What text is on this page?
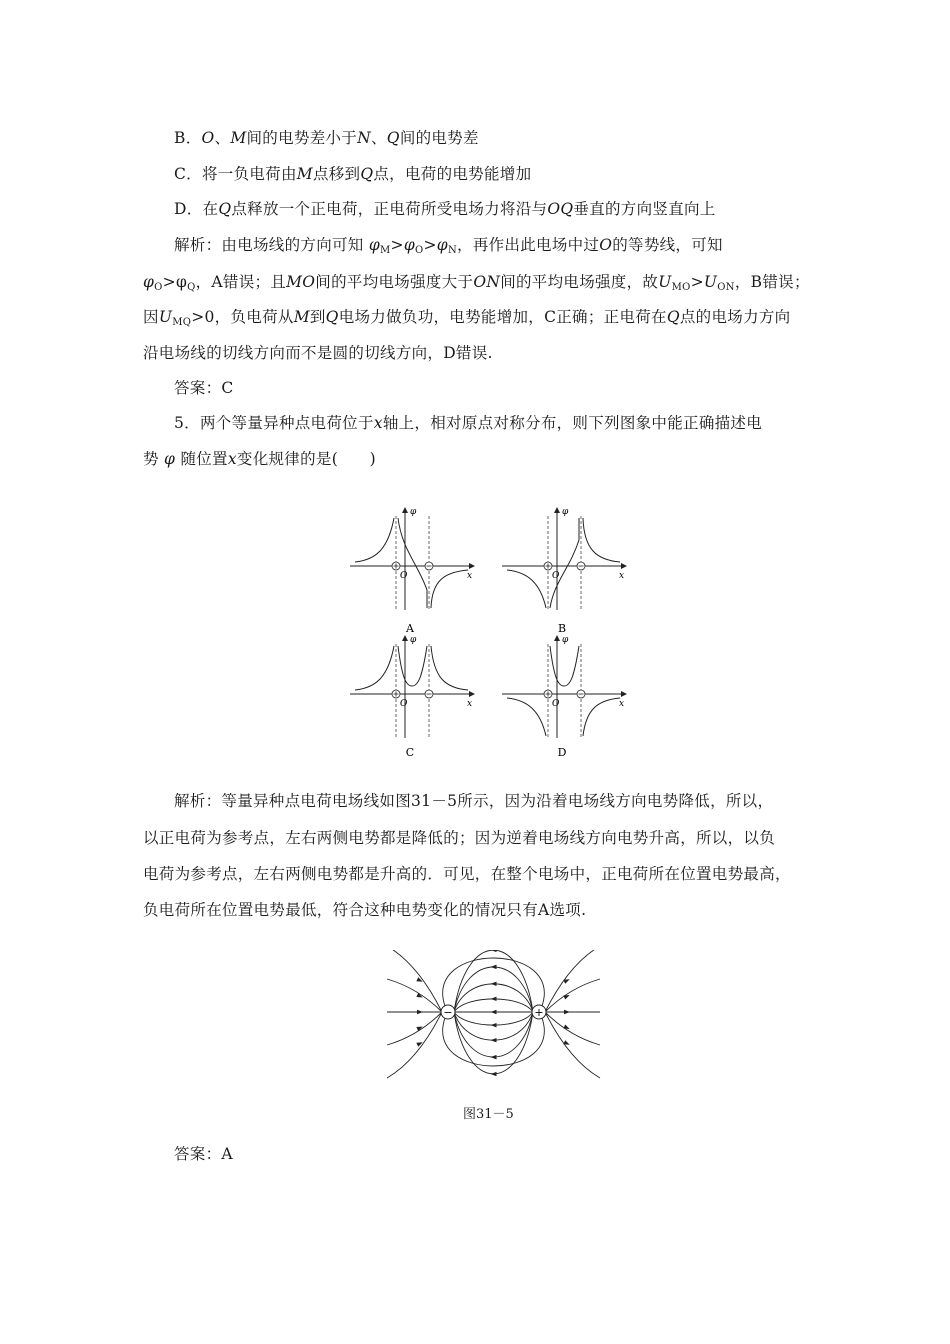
B．O、M间的电势差小于N、Q间的电势差
C．将一负电荷由M点移到Q点，电荷的电势能增加
D．在Q点释放一个正电荷，正电荷所受电场力将沿与OQ垂直的方向竖直向上
解析：由电场线的方向可知 $\varphi_M>\varphi_O>\varphi_N$，再作出此电场中过O的等势线，可知
$\varphi_O>\varphi_Q$，A错误；且MO间的平均电场强度大于ON间的平均电场强度，故$U_{MO}>U_{ON}$，B错误；
因$U_{MQ}>0$，负电荷从M到Q电场力做负功，电势能增加，C正确；正电荷在Q点的电场力方向
沿电场线的切线方向而不是圆的切线方向，D错误.
答案：C
5．两个等量异种点电荷位于x轴上，相对原点对称分布，则下列图象中能正确描述电
势 φ 随位置x变化规律的是(　　)
φ
x
O
A
φ
x
O
B
φ
x
O
C
φ
x
O
D
解析：等量异种点电荷电场线如图31－5所示，因为沿着电场线方向电势降低，所以，
以正电荷为参考点，左右两侧电势都是降低的；因为逆着电场线方向电势升高，所以，以负
电荷为参考点，左右两侧电势都是升高的．可见，在整个电场中，正电荷所在位置电势最高，
负电荷所在位置电势最低，符合这种电势变化的情况只有A选项.
−	+
图31－5
答案：A
